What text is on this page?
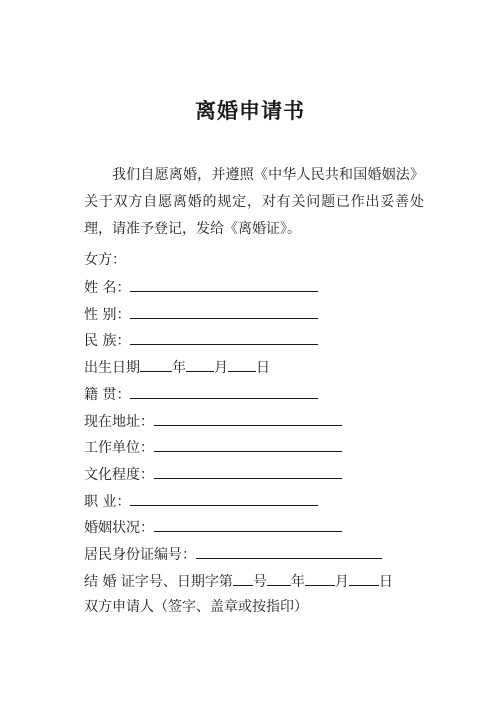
离婚申请书
我们自愿离婚，并遵照《中华人民共和国婚姻法》关于双方自愿离婚的规定，对有关问题已作出妥善处理，请准予登记，发给《离婚证》。
女方：
姓 名：
性 别：
民 族：
出生日期 年 月 日
籍 贯：
现在地址：
工作单位：
文化程度：
职 业：
婚姻状况：
居民身份证编号：
结 婚 证字号、日期字第 号 年 月 日
双方申请人（签字、盖章或按指印）
